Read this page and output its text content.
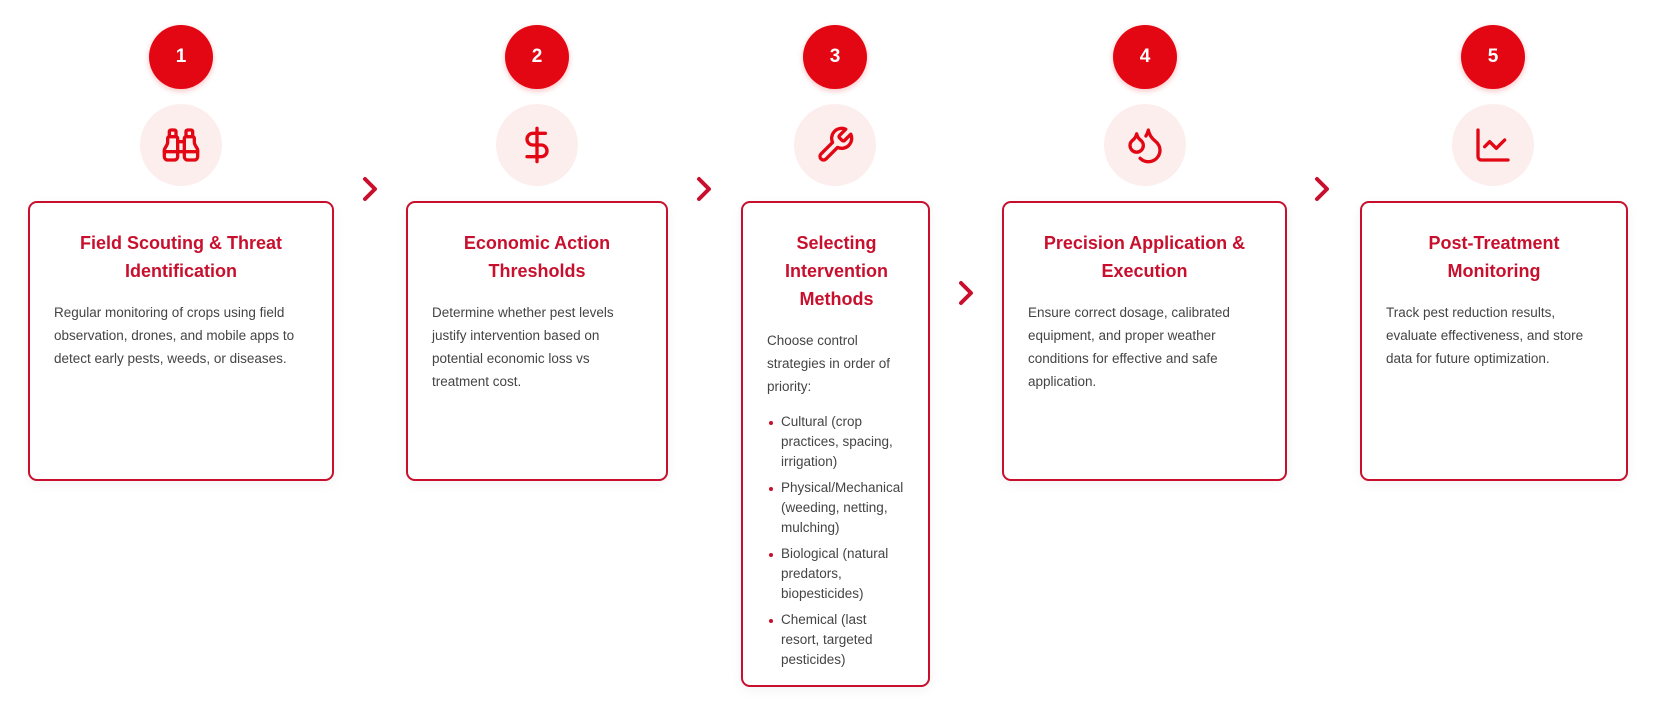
1
Field Scouting & Threat Identification

Regular monitoring of crops using field observation, drones, and mobile apps to detect early pests, weeds, or diseases.

2
Economic Action Thresholds

Determine whether pest levels justify intervention based on potential economic loss vs treatment cost.

3
Selecting Intervention Methods

Choose control strategies in order of priority:

Cultural (crop practices, spacing, irrigation)
Physical/Mechanical (weeding, netting, mulching)
Biological (natural predators, biopesticides)
Chemical (last resort, targeted pesticides)
4
Precision Application & Execution

Ensure correct dosage, calibrated equipment, and proper weather conditions for effective and safe application.

5
Post-Treatment Monitoring

Track pest reduction results, evaluate effectiveness, and store data for future optimization.
